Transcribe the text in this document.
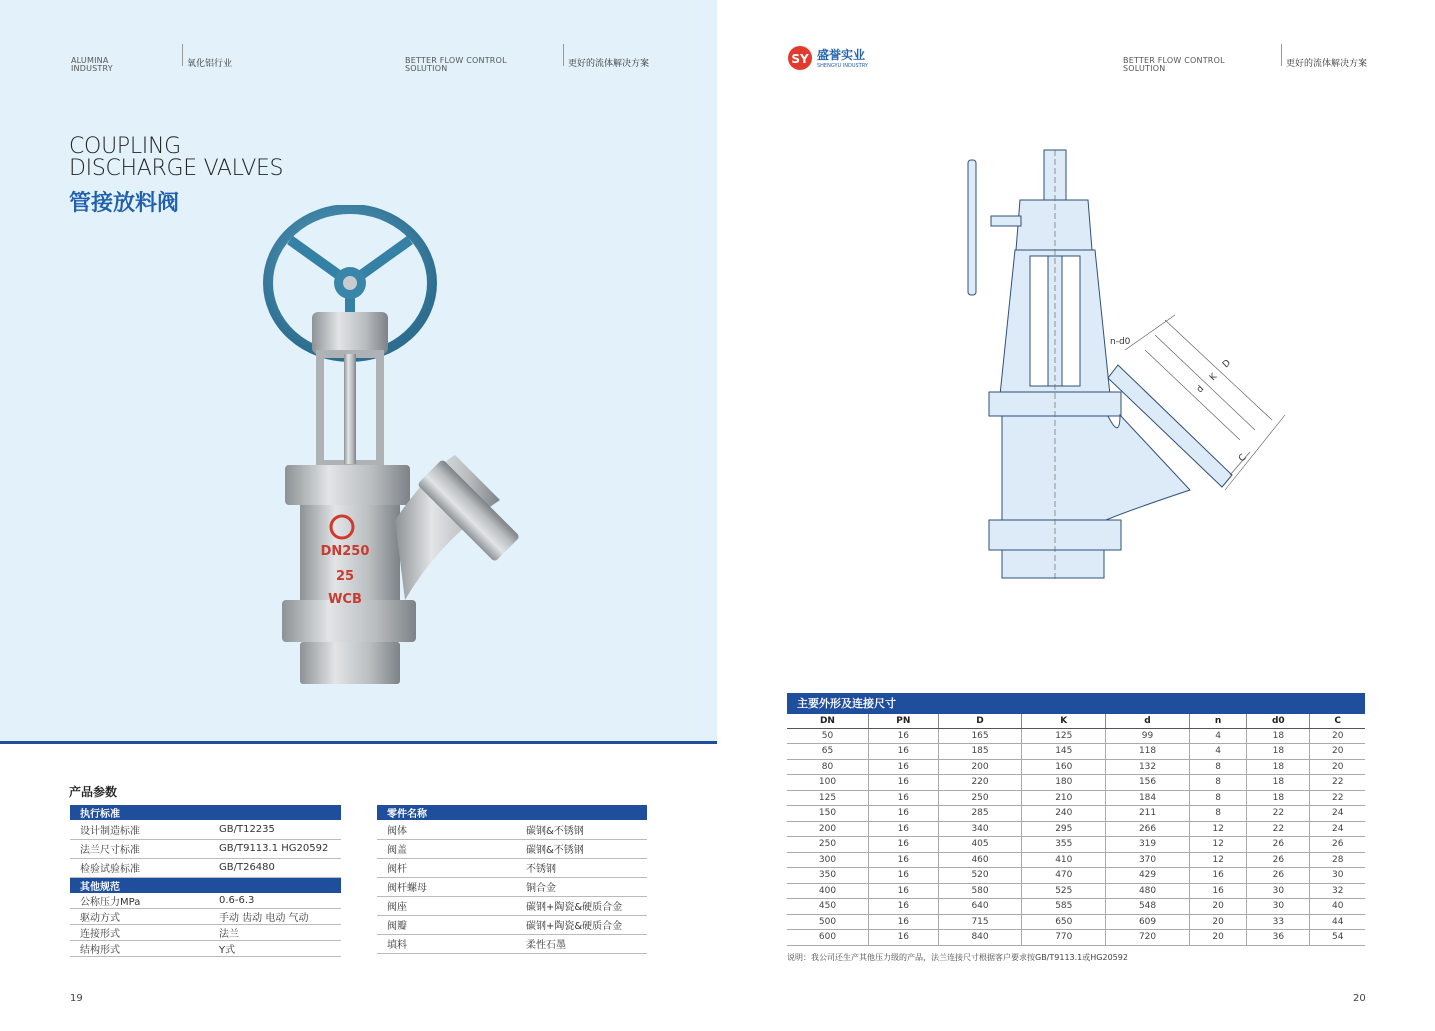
ALUMINA
INDUSTRY	氧化铝行业	BETTER FLOW CONTROL
SOLUTION	更好的流体解决方案
COUPLING
DISCHARGE VALVES
管接放料阀
DN250
25
WCB
产品参数
执行标准	
设计制造标准	GB/T12235
法兰尺寸标准	GB/T9113.1 HG20592
检验试验标准	GB/T26480
其他规范	
公称压力MPa	0.6-6.3
驱动方式	手动 齿动 电动 气动
连接形式	法兰
结构形式	Y式
零件名称	
阀体	碳钢&不锈钢
阀盖	碳钢&不锈钢
阀杆	不锈钢
阀杆螺母	铜合金
阀座	碳钢+陶瓷&硬质合金
阀瓣	碳钢+陶瓷&硬质合金
填料	柔性石墨
19
SY 盛誉实业
SHENGYU INDUSTRY
BETTER FLOW CONTROL
SOLUTION	更好的流体解决方案
n-d0
D
K
d
C
主要外形及连接尺寸
DN	PN	D	K	d	n	d0	C
50	16	165	125	99	4	18	20
65	16	185	145	118	4	18	20
80	16	200	160	132	8	18	20
100	16	220	180	156	8	18	22
125	16	250	210	184	8	18	22
150	16	285	240	211	8	22	24
200	16	340	295	266	12	22	24
250	16	405	355	319	12	26	26
300	16	460	410	370	12	26	28
350	16	520	470	429	16	26	30
400	16	580	525	480	16	30	32
450	16	640	585	548	20	30	40
500	16	715	650	609	20	33	44
600	16	840	770	720	20	36	54
说明：我公司还生产其他压力级的产品，法兰连接尺寸根据客户要求按GB/T9113.1或HG20592
20
